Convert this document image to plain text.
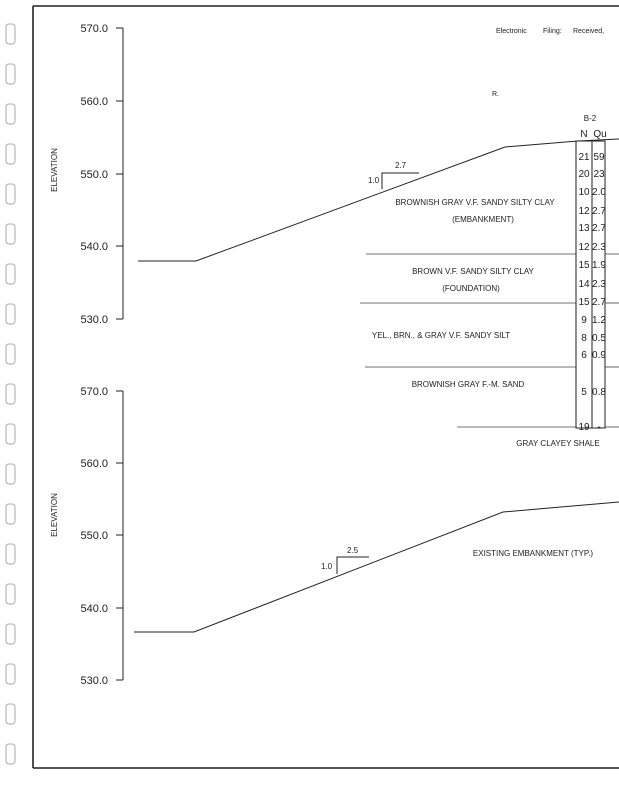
Electronic Filing: Received,
R.
ELEVATION
570.0
560.0
550.0
540.0
530.0
1.0
2.7
BROWNISH GRAY V.F. SANDY SILTY CLAY
(EMBANKMENT)
BROWN V.F. SANDY SILTY CLAY
(FOUNDATION)
YEL., BRN., & GRAY V.F. SANDY SILT
BROWNISH GRAY F.-M. SAND
GRAY CLAYEY SHALE
B-2
N Qu
21 59
20 23
10 2.0
12 2.7
13 2.7
12 2.3
15 1.9
14 2.3
15 2.7
9 1.2
8 0.5
6 0.9
5 0.8
19 -
ELEVATION
570.0
560.0
550.0
540.0
530.0
1.0
2.5	EXISTING EMBANKMENT (TYP.)
